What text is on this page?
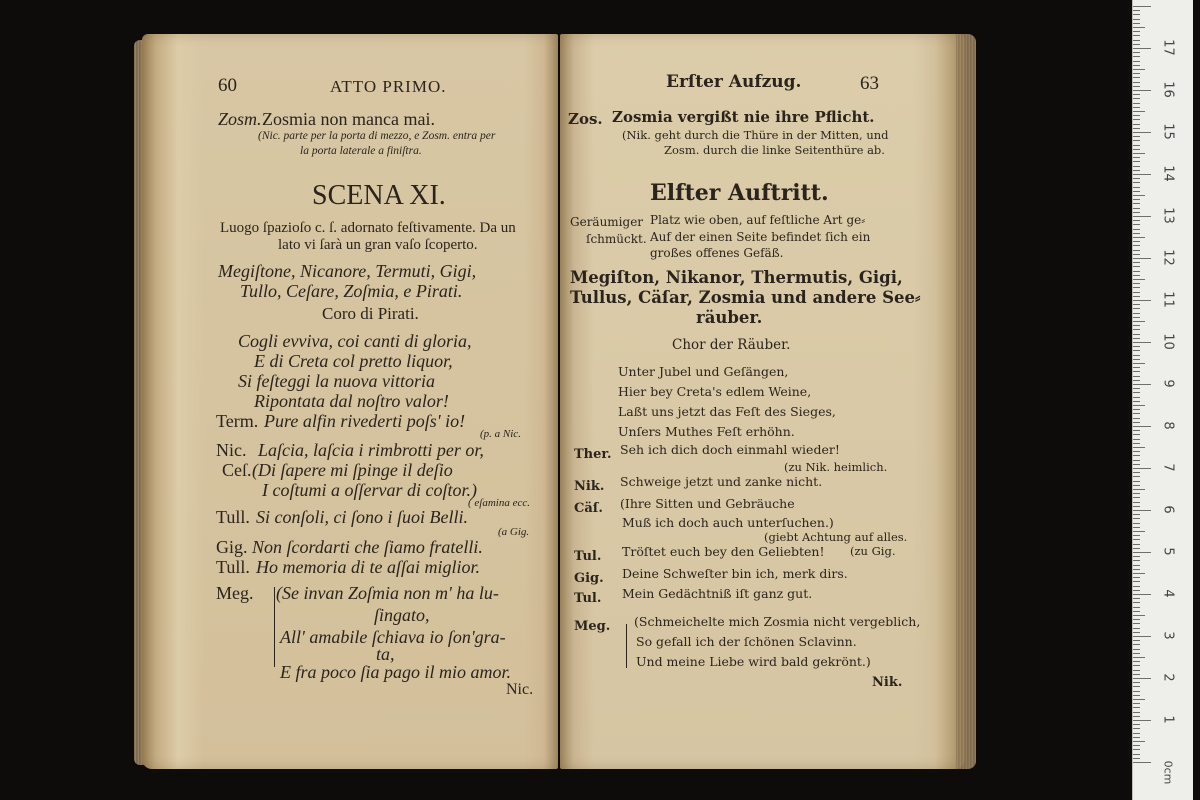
60	ATTO PRIMO.
Zosm. Zosmia non manca mai.
(Nic. parte per la porta di mezzo, e Zosm. entra per
la porta laterale a finiſtra.
SCENA XI.
Luogo ſpazioſo c. ſ. adornato feſtivamente. Da un
lato vi ſarà un gran vaſo ſcoperto.
Megiſtone, Nicanore, Termuti, Gigi,
Tullo, Ceſare, Zoſmia, e Pirati.
Coro di Pirati.
Cogli evviva, coi canti di gloria,
E di Creta col pretto liquor,
Si feſteggi la nuova vittoria
Ripontata dal noſtro valor!
Term. Pure alfin rivederti poſs' io!
(p. a Nic.
Nic. Laſcia, laſcia i rimbrotti per or,
Ceſ. (Di ſapere mi ſpinge il deſio
I coſtumi a oſſervar di coſtor.)
( eſamina ecc.
Tull. Si conſoli, ci ſono i ſuoi Belli.
(a Gig.
Gig. Non ſcordarti che ſiamo fratelli.
Tull. Ho memoria di te aſſai miglior.
Meg. (Se invan Zoſmia non m' ha lu-
ſingato,
All' amabile ſchiava io ſon'gra-
ta,
E fra poco ſia pago il mio amor.
Nic.
Erſter Aufzug.	63
Zos. Zosmia vergißt nie ihre Pflicht.
(Nik. geht durch die Thüre in der Mitten, und
Zosm. durch die linke Seitenthüre ab.
Elfter Auftritt.
Geräumiger
ſchmückt.
Platz wie oben, auf feſtliche Art ge⸗
Auf der einen Seite befindet ſich ein
großes offenes Gefäß.
Megiſton, Nikanor, Thermutis, Gigi,
Tullus, Cäſar, Zosmia und andere See⸗
räuber.
Chor der Räuber.
Unter Jubel und Geſängen,
Hier bey Creta's edlem Weine,
Laßt uns jetzt das Feſt des Sieges,
Unſers Muthes Feſt erhöhn.
Ther. Seh ich dich doch einmahl wieder!
(zu Nik. heimlich.
Nik. Schweige jetzt und zanke nicht.
Cäſ. (Ihre Sitten und Gebräuche
Muß ich doch auch unterſuchen.)
(giebt Achtung auf alles.
Tul. Tröſtet euch bey den Geliebten! (zu Gig.
Gig. Deine Schweſter bin ich, merk dirs.
Tul. Mein Gedächtniß iſt ganz gut.
Meg. (Schmeichelte mich Zosmia nicht vergeblich,
So gefall ich der ſchönen Sclavinn.
Und meine Liebe wird bald gekrönt.)
Nik.
17
16
15
14
13
12
11
10
9
8
7
6
5
4
3
2
1
0cm
